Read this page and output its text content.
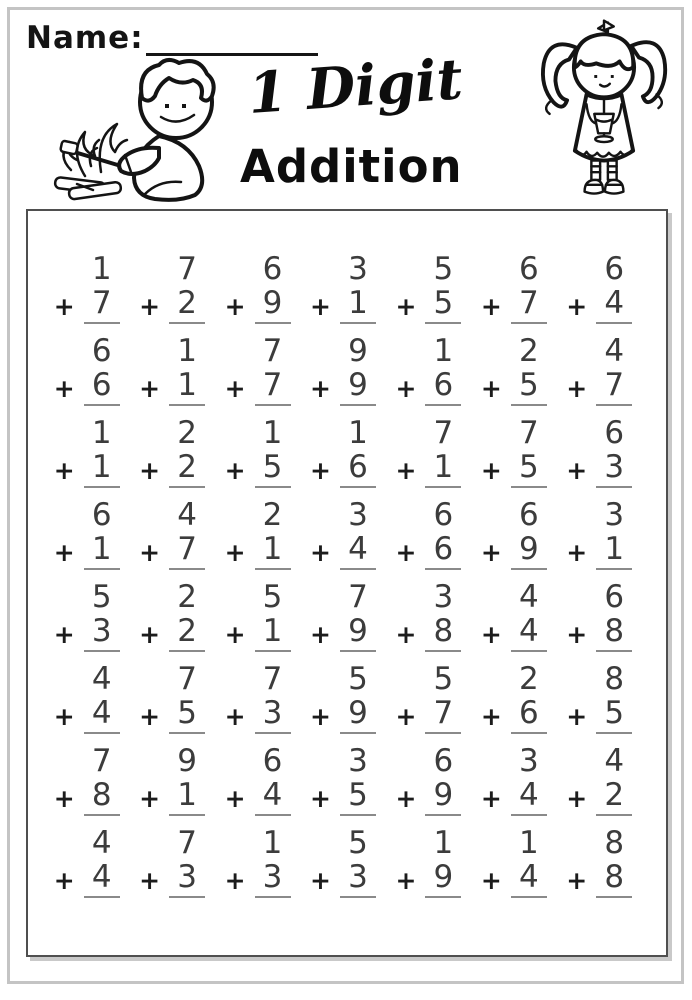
Name:
1 Digit
Addition
1
+ 7
7
+ 2
6
+ 9
3
+ 1
5
+ 5
6
+ 7
6
+ 4
6
+ 6
1
+ 1
7
+ 7
9
+ 9
1
+ 6
2
+ 5
4
+ 7
1
+ 1
2
+ 2
1
+ 5
1
+ 6
7
+ 1
7
+ 5
6
+ 3
6
+ 1
4
+ 7
2
+ 1
3
+ 4
6
+ 6
6
+ 9
3
+ 1
5
+ 3
2
+ 2
5
+ 1
7
+ 9
3
+ 8
4
+ 4
6
+ 8
4
+ 4
7
+ 5
7
+ 3
5
+ 9
5
+ 7
2
+ 6
8
+ 5
7
+ 8
9
+ 1
6
+ 4
3
+ 5
6
+ 9
3
+ 4
4
+ 2
4
+ 4
7
+ 3
1
+ 3
5
+ 3
1
+ 9
1
+ 4
8
+ 8
